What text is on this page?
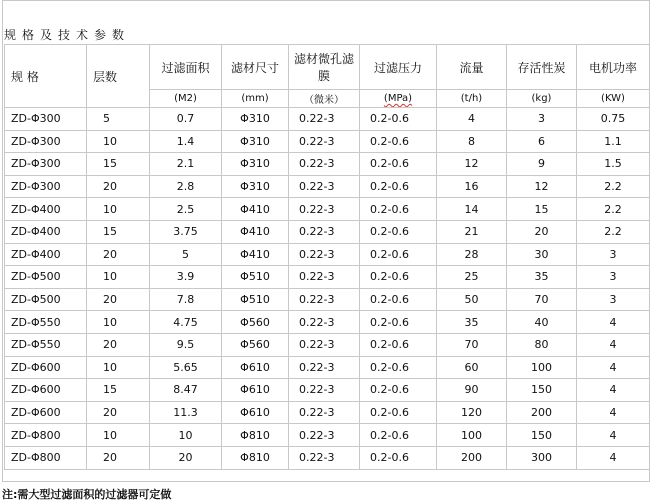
规格及技术参数
规 格	层数	过滤面积	滤材尺寸	滤材微孔滤膜	过滤压力	流量	存活性炭	电机功率
		(M2)	(mm)	（微米）	(MPa)	(t/h)	(kg)	(KW)
ZD-Φ300	5	0.7	Φ310	0.22-3	0.2-0.6	4	3	0.75
ZD-Φ300	10	1.4	Φ310	0.22-3	0.2-0.6	8	6	1.1
ZD-Φ300	15	2.1	Φ310	0.22-3	0.2-0.6	12	9	1.5
ZD-Φ300	20	2.8	Φ310	0.22-3	0.2-0.6	16	12	2.2
ZD-Φ400	10	2.5	Φ410	0.22-3	0.2-0.6	14	15	2.2
ZD-Φ400	15	3.75	Φ410	0.22-3	0.2-0.6	21	20	2.2
ZD-Φ400	20	5	Φ410	0.22-3	0.2-0.6	28	30	3
ZD-Φ500	10	3.9	Φ510	0.22-3	0.2-0.6	25	35	3
ZD-Φ500	20	7.8	Φ510	0.22-3	0.2-0.6	50	70	3
ZD-Φ550	10	4.75	Φ560	0.22-3	0.2-0.6	35	40	4
ZD-Φ550	20	9.5	Φ560	0.22-3	0.2-0.6	70	80	4
ZD-Φ600	10	5.65	Φ610	0.22-3	0.2-0.6	60	100	4
ZD-Φ600	15	8.47	Φ610	0.22-3	0.2-0.6	90	150	4
ZD-Φ600	20	11.3	Φ610	0.22-3	0.2-0.6	120	200	4
ZD-Φ800	10	10	Φ810	0.22-3	0.2-0.6	100	150	4
ZD-Φ800	20	20	Φ810	0.22-3	0.2-0.6	200	300	4
注:需大型过滤面积的过滤器可定做
